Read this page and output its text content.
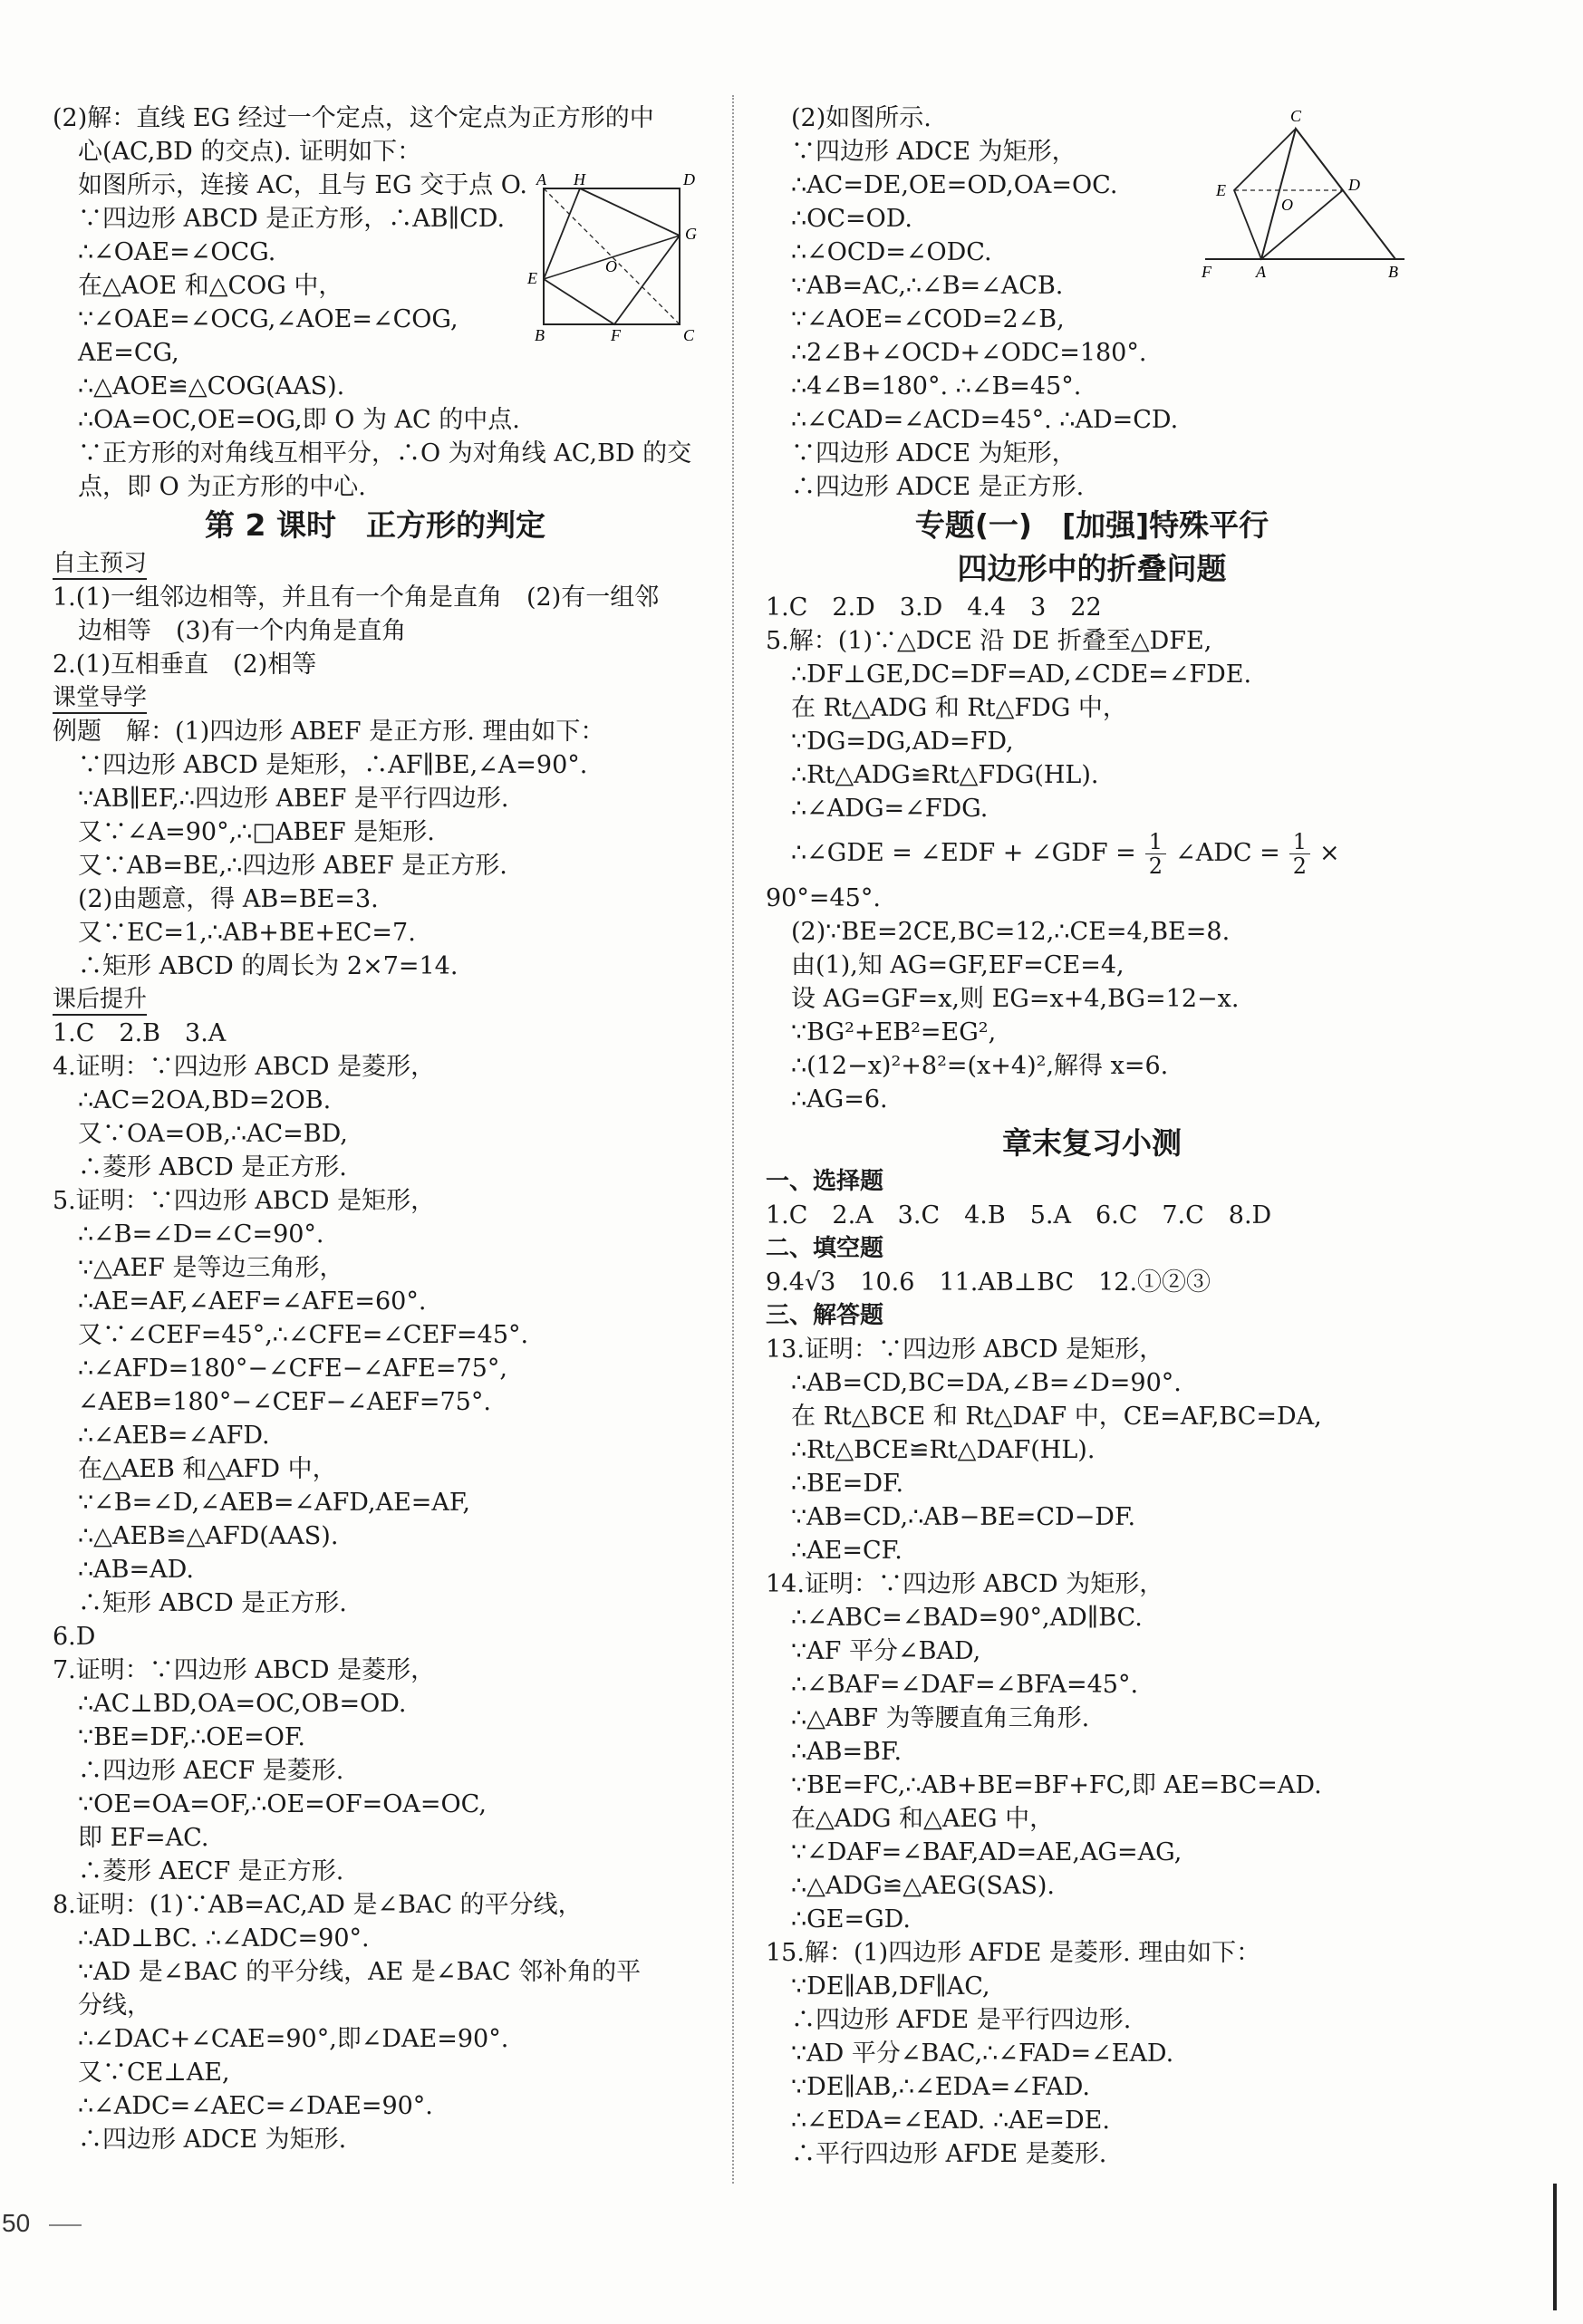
(2)解：直线 EG 经过一个定点，这个定点为正方形的中
心(AC,BD 的交点). 证明如下：
如图所示，连接 AC，且与 EG 交于点 O.
∵四边形 ABCD 是正方形，∴AB∥CD.
∴∠OAE=∠OCG.
在△AOE 和△COG 中，
∵∠OAE=∠OCG,∠AOE=∠COG,
AE=CG,
∴△AOE≌△COG(AAS).
∴OA=OC,OE=OG,即 O 为 AC 的中点.
∵正方形的对角线互相平分，∴O 为对角线 AC,BD 的交
点，即 O 为正方形的中心.
第 2 课时　正方形的判定
自主预习
1.(1)一组邻边相等，并且有一个角是直角　(2)有一组邻
边相等　(3)有一个内角是直角
2.(1)互相垂直　(2)相等
课堂导学
例题　解：(1)四边形 ABEF 是正方形. 理由如下：
∵四边形 ABCD 是矩形，∴AF∥BE,∠A=90°.
∵AB∥EF,∴四边形 ABEF 是平行四边形.
又∵∠A=90°,∴□ABEF 是矩形.
又∵AB=BE,∴四边形 ABEF 是正方形.
(2)由题意，得 AB=BE=3.
又∵EC=1,∴AB+BE+EC=7.
∴矩形 ABCD 的周长为 2×7=14.
课后提升
1.C　2.B　3.A
4.证明：∵四边形 ABCD 是菱形，
∴AC=2OA,BD=2OB.
又∵OA=OB,∴AC=BD,
∴菱形 ABCD 是正方形.
5.证明：∵四边形 ABCD 是矩形，
∴∠B=∠D=∠C=90°.
∵△AEF 是等边三角形，
∴AE=AF,∠AEF=∠AFE=60°.
又∵∠CEF=45°,∴∠CFE=∠CEF=45°.
∴∠AFD=180°−∠CFE−∠AFE=75°,
∠AEB=180°−∠CEF−∠AEF=75°.
∴∠AEB=∠AFD.
在△AEB 和△AFD 中，
∵∠B=∠D,∠AEB=∠AFD,AE=AF,
∴△AEB≌△AFD(AAS).
∴AB=AD.
∴矩形 ABCD 是正方形.
6.D
7.证明：∵四边形 ABCD 是菱形，
∴AC⊥BD,OA=OC,OB=OD.
∵BE=DF,∴OE=OF.
∴四边形 AECF 是菱形.
∵OE=OA=OF,∴OE=OF=OA=OC,
即 EF=AC.
∴菱形 AECF 是正方形.
8.证明：(1)∵AB=AC,AD 是∠BAC 的平分线，
∴AD⊥BC. ∴∠ADC=90°.
∵AD 是∠BAC 的平分线，AE 是∠BAC 邻补角的平
分线，
∴∠DAC+∠CAE=90°,即∠DAE=90°.
又∵CE⊥AE,
∴∠ADC=∠AEC=∠DAE=90°.
∴四边形 ADCE 为矩形.
A H	D
G
E
O
B	F	C
(2)如图所示.
∵四边形 ADCE 为矩形，
∴AC=DE,OE=OD,OA=OC.
∴OC=OD.
∴∠OCD=∠ODC.
∵AB=AC,∴∠B=∠ACB.
∵∠AOE=∠COD=2∠B,
∴2∠B+∠OCD+∠ODC=180°.
∴4∠B=180°. ∴∠B=45°.
∴∠CAD=∠ACD=45°. ∴AD=CD.
∵四边形 ADCE 为矩形，
∴四边形 ADCE 是正方形.
专题(一)　[加强]特殊平行
四边形中的折叠问题
1.C　2.D　3.D　4.4　3　22
5.解：(1)∵△DCE 沿 DE 折叠至△DFE,
∴DF⊥GE,DC=DF=AD,∠CDE=∠FDE.
在 Rt△ADG 和 Rt△FDG 中，
∵DG=DG,AD=FD,
∴Rt△ADG≌Rt△FDG(HL).
∴∠ADG=∠FDG.
∴∠GDE = ∠EDF + ∠GDF = $\frac{1}{2}$ ∠ADC = $\frac{1}{2}$ ×
90°=45°.
(2)∵BE=2CE,BC=12,∴CE=4,BE=8.
由(1),知 AG=GF,EF=CE=4,
设 AG=GF=x,则 EG=x+4,BG=12−x.
∵BG²+EB²=EG²,
∴(12−x)²+8²=(x+4)²,解得 x=6.
∴AG=6.
章末复习小测
一、选择题
1.C　2.A　3.C　4.B　5.A　6.C　7.C　8.D
二、填空题
9.4√3　10.6　11.AB⊥BC　12.①②③
三、解答题
13.证明：∵四边形 ABCD 是矩形，
∴AB=CD,BC=DA,∠B=∠D=90°.
在 Rt△BCE 和 Rt△DAF 中，CE=AF,BC=DA,
∴Rt△BCE≌Rt△DAF(HL).
∴BE=DF.
∵AB=CD,∴AB−BE=CD−DF.
∴AE=CF.
14.证明：∵四边形 ABCD 为矩形，
∴∠ABC=∠BAD=90°,AD∥BC.
∵AF 平分∠BAD,
∴∠BAF=∠DAF=∠BFA=45°.
∴△ABF 为等腰直角三角形.
∴AB=BF.
∵BE=FC,∴AB+BE=BF+FC,即 AE=BC=AD.
在△ADG 和△AEG 中，
∵∠DAF=∠BAF,AD=AE,AG=AG,
∴△ADG≌△AEG(SAS).
∴GE=GD.
15.解：(1)四边形 AFDE 是菱形. 理由如下：
∵DE∥AB,DF∥AC,
∴四边形 AFDE 是平行四边形.
∵AD 平分∠BAC,∴∠FAD=∠EAD.
∵DE∥AB,∴∠EDA=∠FAD.
∴∠EDA=∠EAD. ∴AE=DE.
∴平行四边形 AFDE 是菱形.
C
E	D
O
F	A	B
50
